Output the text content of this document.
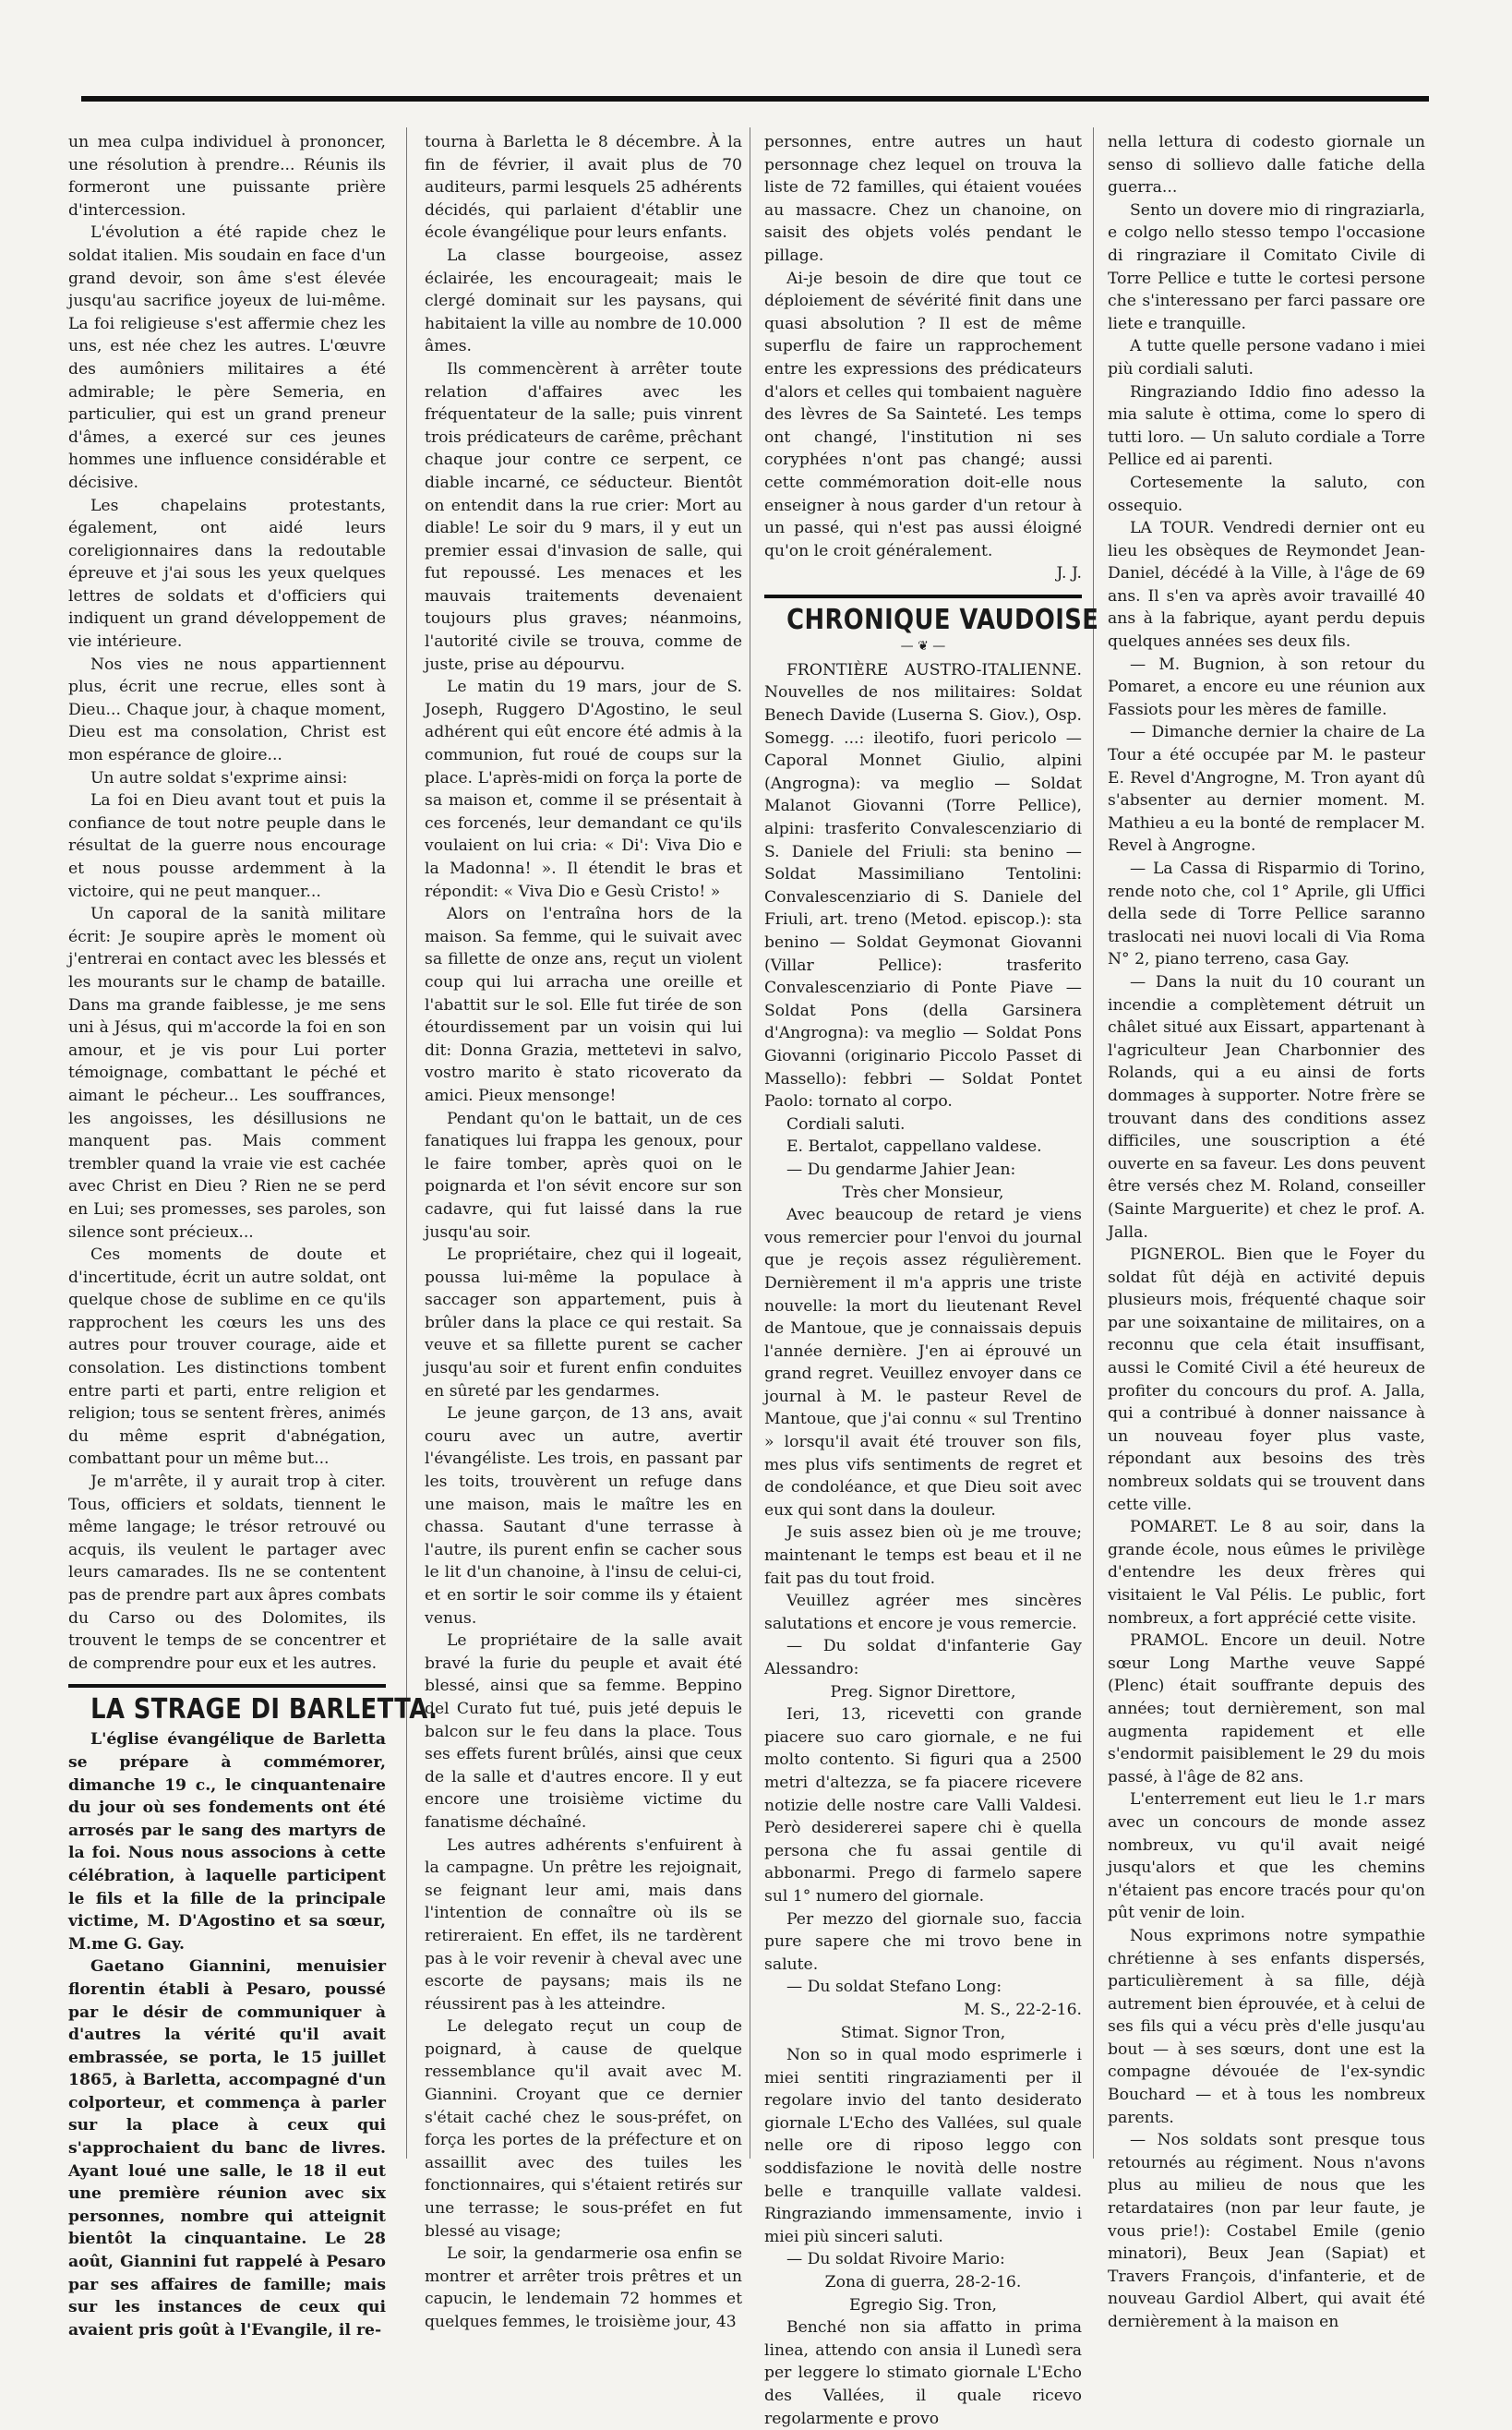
un mea culpa individuel à prononcer, une résolution à prendre... Réunis ils formeront une puissante prière d'intercession.

L'évolution a été rapide chez le soldat italien. Mis soudain en face d'un grand devoir, son âme s'est élevée jusqu'au sacrifice joyeux de lui-même. La foi religieuse s'est affermie chez les uns, est née chez les autres. L'œuvre des aumôniers militaires a été admirable; le père Semeria, en particulier, qui est un grand preneur d'âmes, a exercé sur ces jeunes hommes une influence considérable et décisive.

Les chapelains protestants, également, ont aidé leurs coreligionnaires dans la redoutable épreuve et j'ai sous les yeux quelques lettres de soldats et d'officiers qui indiquent un grand développement de vie intérieure.

Nos vies ne nous appartiennent plus, écrit une recrue, elles sont à Dieu... Chaque jour, à chaque moment, Dieu est ma consolation, Christ est mon espérance de gloire...

Un autre soldat s'exprime ainsi:

La foi en Dieu avant tout et puis la confiance de tout notre peuple dans le résultat de la guerre nous encourage et nous pousse ardemment à la victoire, qui ne peut manquer...

Un caporal de la sanità militare écrit: Je soupire après le moment où j'entrerai en contact avec les blessés et les mourants sur le champ de bataille. Dans ma grande faiblesse, je me sens uni à Jésus, qui m'accorde la foi en son amour, et je vis pour Lui porter témoignage, combattant le péché et aimant le pécheur... Les souffrances, les angoisses, les désillusions ne manquent pas. Mais comment trembler quand la vraie vie est cachée avec Christ en Dieu ? Rien ne se perd en Lui; ses promesses, ses paroles, son silence sont précieux...

Ces moments de doute et d'incertitude, écrit un autre soldat, ont quelque chose de sublime en ce qu'ils rapprochent les cœurs les uns des autres pour trouver courage, aide et consolation. Les distinctions tombent entre parti et parti, entre religion et religion; tous se sentent frères, animés du même esprit d'abnégation, combattant pour un même but...

Je m'arrête, il y aurait trop à citer. Tous, officiers et soldats, tiennent le même langage; le trésor retrouvé ou acquis, ils veulent le partager avec leurs camarades. Ils ne se contentent pas de prendre part aux âpres combats du Carso ou des Dolomites, ils trouvent le temps de se concentrer et de comprendre pour eux et les autres.

LA STRAGE DI BARLETTA.

L'église évangélique de Barletta se prépare à commémorer, dimanche 19 c., le cinquantenaire du jour où ses fondements ont été arrosés par le sang des martyrs de la foi. Nous nous associons à cette célébration, à laquelle participent le fils et la fille de la principale victime, M. D'Agostino et sa sœur, M.me G. Gay.

Gaetano Giannini, menuisier florentin établi à Pesaro, poussé par le désir de communiquer à d'autres la vérité qu'il avait embrassée, se porta, le 15 juillet 1865, à Barletta, accompagné d'un colporteur, et commença à parler sur la place à ceux qui s'approchaient du banc de livres. Ayant loué une salle, le 18 il eut une première réunion avec six personnes, nombre qui atteignit bientôt la cinquantaine. Le 28 août, Giannini fut rappelé à Pesaro par ses affaires de famille; mais sur les instances de ceux qui avaient pris goût à l'Evangile, il re-

tourna à Barletta le 8 décembre. À la fin de février, il avait plus de 70 auditeurs, parmi lesquels 25 adhérents décidés, qui parlaient d'établir une école évangélique pour leurs enfants.

La classe bourgeoise, assez éclairée, les encourageait; mais le clergé dominait sur les paysans, qui habitaient la ville au nombre de 10.000 âmes.

Ils commencèrent à arrêter toute relation d'affaires avec les fréquentateur de la salle; puis vinrent trois prédicateurs de carême, prêchant chaque jour contre ce serpent, ce diable incarné, ce séducteur. Bientôt on entendit dans la rue crier: Mort au diable! Le soir du 9 mars, il y eut un premier essai d'invasion de salle, qui fut repoussé. Les menaces et les mauvais traitements devenaient toujours plus graves; néanmoins, l'autorité civile se trouva, comme de juste, prise au dépourvu.

Le matin du 19 mars, jour de S. Joseph, Ruggero D'Agostino, le seul adhérent qui eût encore été admis à la communion, fut roué de coups sur la place. L'après-midi on força la porte de sa maison et, comme il se présentait à ces forcenés, leur demandant ce qu'ils voulaient on lui cria: « Di': Viva Dio e la Madonna! ». Il étendit le bras et répondit: « Viva Dio e Gesù Cristo! »

Alors on l'entraîna hors de la maison. Sa femme, qui le suivait avec sa fillette de onze ans, reçut un violent coup qui lui arracha une oreille et l'abattit sur le sol. Elle fut tirée de son étourdissement par un voisin qui lui dit: Donna Grazia, mettetevi in salvo, vostro marito è stato ricoverato da amici. Pieux mensonge!

Pendant qu'on le battait, un de ces fanatiques lui frappa les genoux, pour le faire tomber, après quoi on le poignarda et l'on sévit encore sur son cadavre, qui fut laissé dans la rue jusqu'au soir.

Le propriétaire, chez qui il logeait, poussa lui-même la populace à saccager son appartement, puis à brûler dans la place ce qui restait. Sa veuve et sa fillette purent se cacher jusqu'au soir et furent enfin conduites en sûreté par les gendarmes.

Le jeune garçon, de 13 ans, avait couru avec un autre, avertir l'évangéliste. Les trois, en passant par les toits, trouvèrent un refuge dans une maison, mais le maître les en chassa. Sautant d'une terrasse à l'autre, ils purent enfin se cacher sous le lit d'un chanoine, à l'insu de celui-ci, et en sortir le soir comme ils y étaient venus.

Le propriétaire de la salle avait bravé la furie du peuple et avait été blessé, ainsi que sa femme. Beppino del Curato fut tué, puis jeté depuis le balcon sur le feu dans la place. Tous ses effets furent brûlés, ainsi que ceux de la salle et d'autres encore. Il y eut encore une troisième victime du fanatisme déchaîné.

Les autres adhérents s'enfuirent à la campagne. Un prêtre les rejoignait, se feignant leur ami, mais dans l'intention de connaître où ils se retireraient. En effet, ils ne tardèrent pas à le voir revenir à cheval avec une escorte de paysans; mais ils ne réussirent pas à les atteindre.

Le delegato reçut un coup de poignard, à cause de quelque ressemblance qu'il avait avec M. Giannini. Croyant que ce dernier s'était caché chez le sous-préfet, on força les portes de la préfecture et on assaillit avec des tuiles les fonctionnaires, qui s'étaient retirés sur une terrasse; le sous-préfet en fut blessé au visage;

Le soir, la gendarmerie osa enfin se montrer et arrêter trois prêtres et un capucin, le lendemain 72 hommes et quelques femmes, le troisième jour, 43

personnes, entre autres un haut personnage chez lequel on trouva la liste de 72 familles, qui étaient vouées au massacre. Chez un chanoine, on saisit des objets volés pendant le pillage.

Ai-je besoin de dire que tout ce déploiement de sévérité finit dans une quasi absolution ? Il est de même superflu de faire un rapprochement entre les expressions des prédicateurs d'alors et celles qui tombaient naguère des lèvres de Sa Sainteté. Les temps ont changé, l'institution ni ses coryphées n'ont pas changé; aussi cette commémoration doit-elle nous enseigner à nous garder d'un retour à un passé, qui n'est pas aussi éloigné qu'on le croit généralement.

J. J.

CHRONIQUE VAUDOISE
— ❦ —

FRONTIÈRE AUSTRO-ITALIENNE. Nouvelles de nos militaires: Soldat Benech Davide (Luserna S. Giov.), Osp. Somegg. ...: ileotifo, fuori pericolo — Caporal Monnet Giulio, alpini (Angrogna): va meglio — Soldat Malanot Giovanni (Torre Pellice), alpini: trasferito Convalescenziario di S. Daniele del Friuli: sta benino — Soldat Massimiliano Tentolini: Convalescenziario di S. Daniele del Friuli, art. treno (Metod. episcop.): sta benino — Soldat Geymonat Giovanni (Villar Pellice): trasferito Convalescenziario di Ponte Piave — Soldat Pons (della Garsinera d'Angrogna): va meglio — Soldat Pons Giovanni (originario Piccolo Passet di Massello): febbri — Soldat Pontet Paolo: tornato al corpo.

Cordiali saluti.

E. Bertalot, cappellano valdese.

— Du gendarme Jahier Jean:

Très cher Monsieur,

Avec beaucoup de retard je viens vous remercier pour l'envoi du journal que je reçois assez régulièrement. Dernièrement il m'a appris une triste nouvelle: la mort du lieutenant Revel de Mantoue, que je connaissais depuis l'année dernière. J'en ai éprouvé un grand regret. Veuillez envoyer dans ce journal à M. le pasteur Revel de Mantoue, que j'ai connu « sul Trentino » lorsqu'il avait été trouver son fils, mes plus vifs sentiments de regret et de condoléance, et que Dieu soit avec eux qui sont dans la douleur.

Je suis assez bien où je me trouve; maintenant le temps est beau et il ne fait pas du tout froid.

Veuillez agréer mes sincères salutations et encore je vous remercie.

— Du soldat d'infanterie Gay Alessandro:

Preg. Signor Direttore,

Ieri, 13, ricevetti con grande piacere suo caro giornale, e ne fui molto contento. Si figuri qua a 2500 metri d'altezza, se fa piacere ricevere notizie delle nostre care Valli Valdesi. Però desidererei sapere chi è quella persona che fu assai gentile di abbonarmi. Prego di farmelo sapere sul 1° numero del giornale.

Per mezzo del giornale suo, faccia pure sapere che mi trovo bene in salute.

— Du soldat Stefano Long:

M. S., 22-2-16.

Stimat. Signor Tron,

Non so in qual modo esprimerle i miei sentiti ringraziamenti per il regolare invio del tanto desiderato giornale L'Echo des Vallées, sul quale nelle ore di riposo leggo con soddisfazione le novità delle nostre belle e tranquille vallate valdesi. Ringraziando immensamente, invio i miei più sinceri saluti.

— Du soldat Rivoire Mario:

Zona di guerra, 28-2-16.

Egregio Sig. Tron,

Benché non sia affatto in prima linea, attendo con ansia il Lunedì sera per leggere lo stimato giornale L'Echo des Vallées, il quale ricevo regolarmente e provo

nella lettura di codesto giornale un senso di sollievo dalle fatiche della guerra...

Sento un dovere mio di ringraziarla, e colgo nello stesso tempo l'occasione di ringraziare il Comitato Civile di Torre Pellice e tutte le cortesi persone che s'interessano per farci passare ore liete e tranquille.

A tutte quelle persone vadano i miei più cordiali saluti.

Ringraziando Iddio fino adesso la mia salute è ottima, come lo spero di tutti loro. — Un saluto cordiale a Torre Pellice ed ai parenti.

Cortesemente la saluto, con ossequio.

LA TOUR. Vendredi dernier ont eu lieu les obsèques de Reymondet Jean-Daniel, décédé à la Ville, à l'âge de 69 ans. Il s'en va après avoir travaillé 40 ans à la fabrique, ayant perdu depuis quelques années ses deux fils.

— M. Bugnion, à son retour du Pomaret, a encore eu une réunion aux Fassiots pour les mères de famille.

— Dimanche dernier la chaire de La Tour a été occupée par M. le pasteur E. Revel d'Angrogne, M. Tron ayant dû s'absenter au dernier moment. M. Mathieu a eu la bonté de remplacer M. Revel à Angrogne.

— La Cassa di Risparmio di Torino, rende noto che, col 1° Aprile, gli Uffici della sede di Torre Pellice saranno traslocati nei nuovi locali di Via Roma N° 2, piano terreno, casa Gay.

— Dans la nuit du 10 courant un incendie a complètement détruit un châlet situé aux Eissart, appartenant à l'agriculteur Jean Charbonnier des Rolands, qui a eu ainsi de forts dommages à supporter. Notre frère se trouvant dans des conditions assez difficiles, une souscription a été ouverte en sa faveur. Les dons peuvent être versés chez M. Roland, conseiller (Sainte Marguerite) et chez le prof. A. Jalla.

PIGNEROL. Bien que le Foyer du soldat fût déjà en activité depuis plusieurs mois, fréquenté chaque soir par une soixantaine de militaires, on a reconnu que cela était insuffisant, aussi le Comité Civil a été heureux de profiter du concours du prof. A. Jalla, qui a contribué à donner naissance à un nouveau foyer plus vaste, répondant aux besoins des très nombreux soldats qui se trouvent dans cette ville.

POMARET. Le 8 au soir, dans la grande école, nous eûmes le privilège d'entendre les deux frères qui visitaient le Val Pélis. Le public, fort nombreux, a fort apprécié cette visite.

PRAMOL. Encore un deuil. Notre sœur Long Marthe veuve Sappé (Plenc) était souffrante depuis des années; tout dernièrement, son mal augmenta rapidement et elle s'endormit paisiblement le 29 du mois passé, à l'âge de 82 ans.

L'enterrement eut lieu le 1.r mars avec un concours de monde assez nombreux, vu qu'il avait neigé jusqu'alors et que les chemins n'étaient pas encore tracés pour qu'on pût venir de loin.

Nous exprimons notre sympathie chrétienne à ses enfants dispersés, particulièrement à sa fille, déjà autrement bien éprouvée, et à celui de ses fils qui a vécu près d'elle jusqu'au bout — à ses sœurs, dont une est la compagne dévouée de l'ex-syndic Bouchard — et à tous les nombreux parents.

— Nos soldats sont presque tous retournés au régiment. Nous n'avons plus au milieu de nous que les retardataires (non par leur faute, je vous prie!): Costabel Emile (genio minatori), Beux Jean (Sapiat) et Travers François, d'infanterie, et de nouveau Gardiol Albert, qui avait été dernièrement à la maison en
